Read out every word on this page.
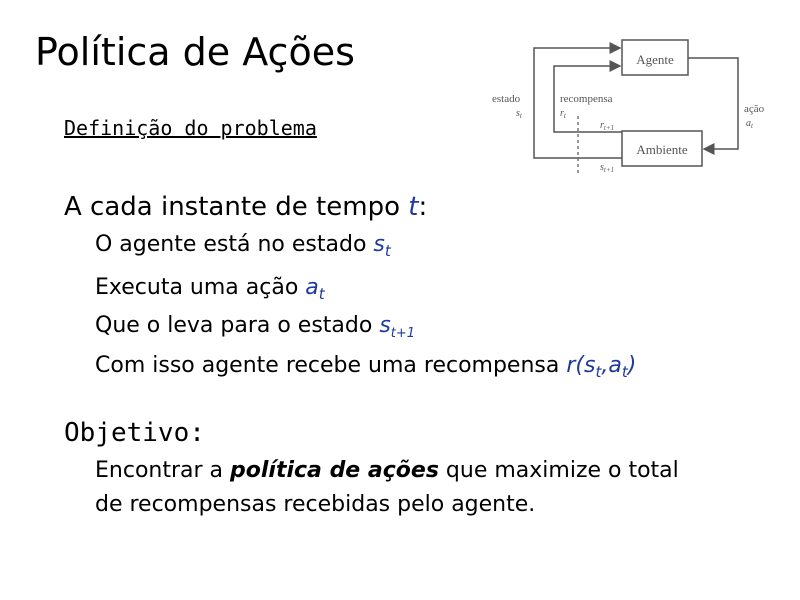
Política de Ações	Agente
Ambiente
estado
$s_t$
recompensa
$r_t$
ação
$a_t$
$r_{t+1}$
$s_{t+1}$
Definição do problema
A cada instante de tempo t:
O agente está no estado $s_t$
Executa uma ação $a_t$
Que o leva para o estado $s_{t+1}$
Com isso agente recebe uma recompensa $r(s_t,a_t)$
Objetivo:
Encontrar a política de ações que maximize o total
de recompensas recebidas pelo agente.
